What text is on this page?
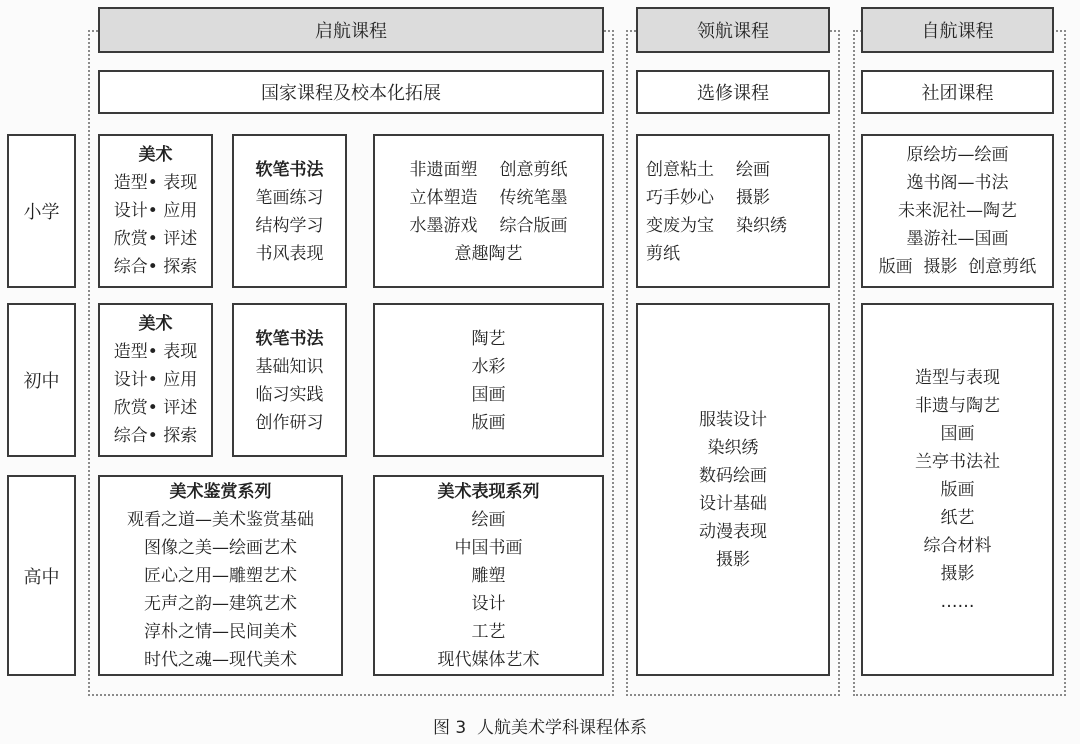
启航课程	领航课程	自航课程
国家课程及校本化拓展	选修课程	社团课程
小学
初中
高中
美术
造型• 表现
设计• 应用
欣赏• 评述
综合• 探索
软笔书法
笔画练习
结构学习
书风表现
非遗面塑 创意剪纸
立体塑造 传统笔墨
水墨游戏 综合版画
意趣陶艺
创意粘土 绘画
巧手妙心 摄影
变废为宝 染织绣
剪纸
原绘坊—绘画
逸书阁—书法
未来泥社—陶艺
墨游社—国画
版画  摄影  创意剪纸
美术
造型• 表现
设计• 应用
欣赏• 评述
综合• 探索
软笔书法
基础知识
临习实践
创作研习
陶艺
水彩
国画
版画	服装设计
染织绣
数码绘画
设计基础
动漫表现
摄影
造型与表现
非遗与陶艺
国画
兰亭书法社
版画
纸艺
综合材料
摄影
……
美术鉴赏系列
观看之道—美术鉴赏基础
图像之美—绘画艺术
匠心之用—雕塑艺术
无声之韵—建筑艺术
淳朴之情—民间美术
时代之魂—现代美术
美术表现系列
绘画
中国书画
雕塑
设计
工艺
现代媒体艺术
图 3  人航美术学科课程体系
